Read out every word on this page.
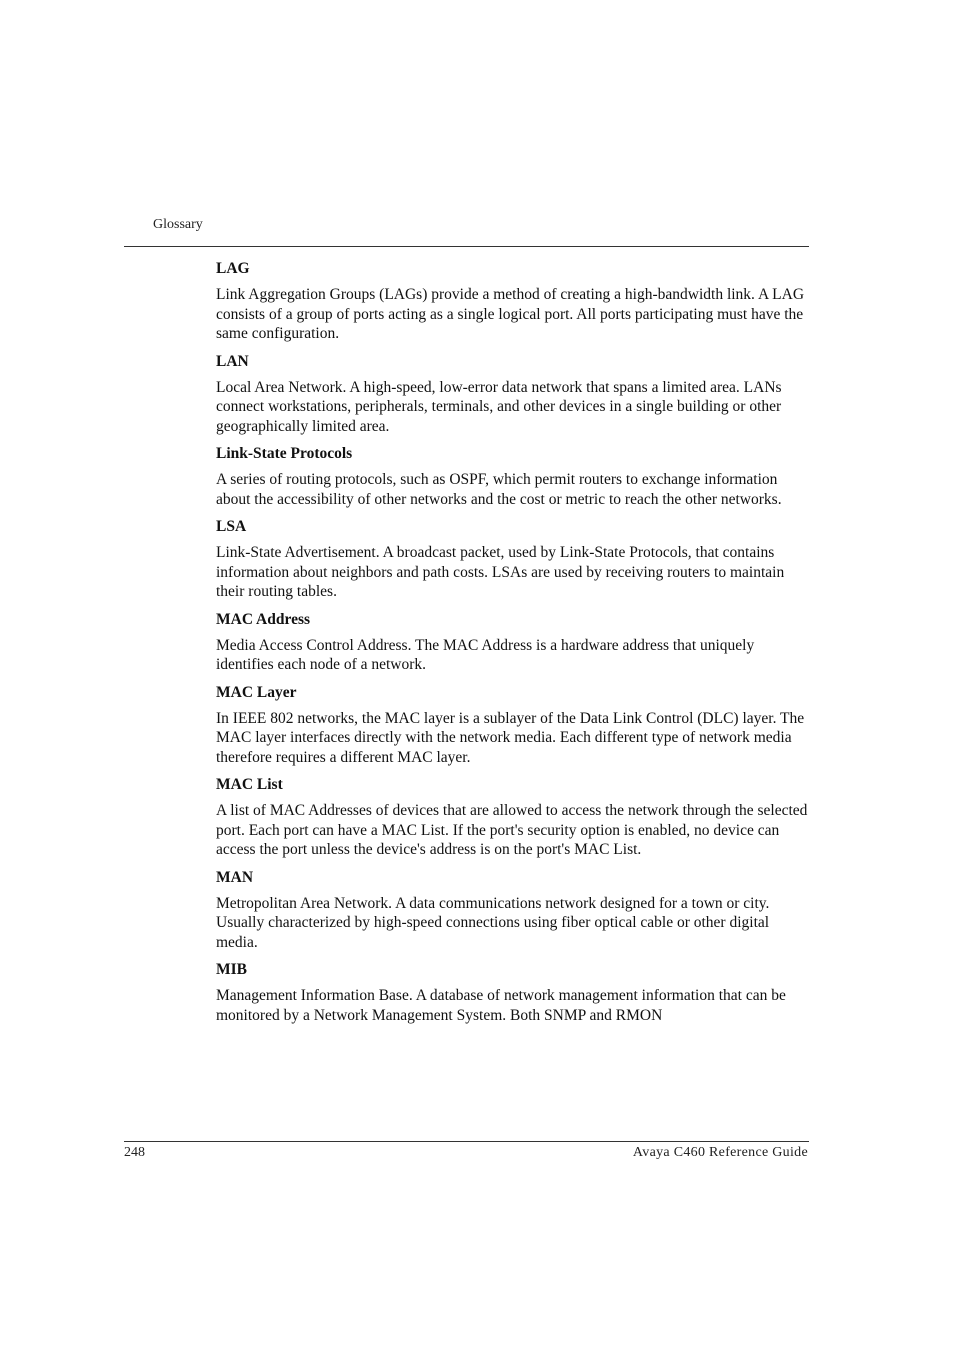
Glossary
LAG

Link Aggregation Groups (LAGs) provide a method of creating a high-bandwidth link. A LAG consists of a group of ports acting as a single logical port. All ports participating must have the same configuration.

LAN

Local Area Network. A high-speed, low-error data network that spans a limited area. LANs connect workstations, peripherals, terminals, and other devices in a single building or other geographically limited area.

Link-State Protocols

A series of routing protocols, such as OSPF, which permit routers to exchange information about the accessibility of other networks and the cost or metric to reach the other networks.

LSA

Link-State Advertisement. A broadcast packet, used by Link-State Protocols, that contains information about neighbors and path costs. LSAs are used by receiving routers to maintain their routing tables.

MAC Address

Media Access Control Address. The MAC Address is a hardware address that uniquely identifies each node of a network.

MAC Layer

In IEEE 802 networks, the MAC layer is a sublayer of the Data Link Control (DLC) layer. The MAC layer interfaces directly with the network media. Each different type of network media therefore requires a different MAC layer.

MAC List

A list of MAC Addresses of devices that are allowed to access the network through the selected port. Each port can have a MAC List. If the port's security option is enabled, no device can access the port unless the device's address is on the port's MAC List.

MAN

Metropolitan Area Network. A data communications network designed for a town or city. Usually characterized by high-speed connections using fiber optical cable or other digital media.

MIB

Management Information Base. A database of network management information that can be monitored by a Network Management System. Both SNMP and RMON

248	Avaya C460 Reference Guide
